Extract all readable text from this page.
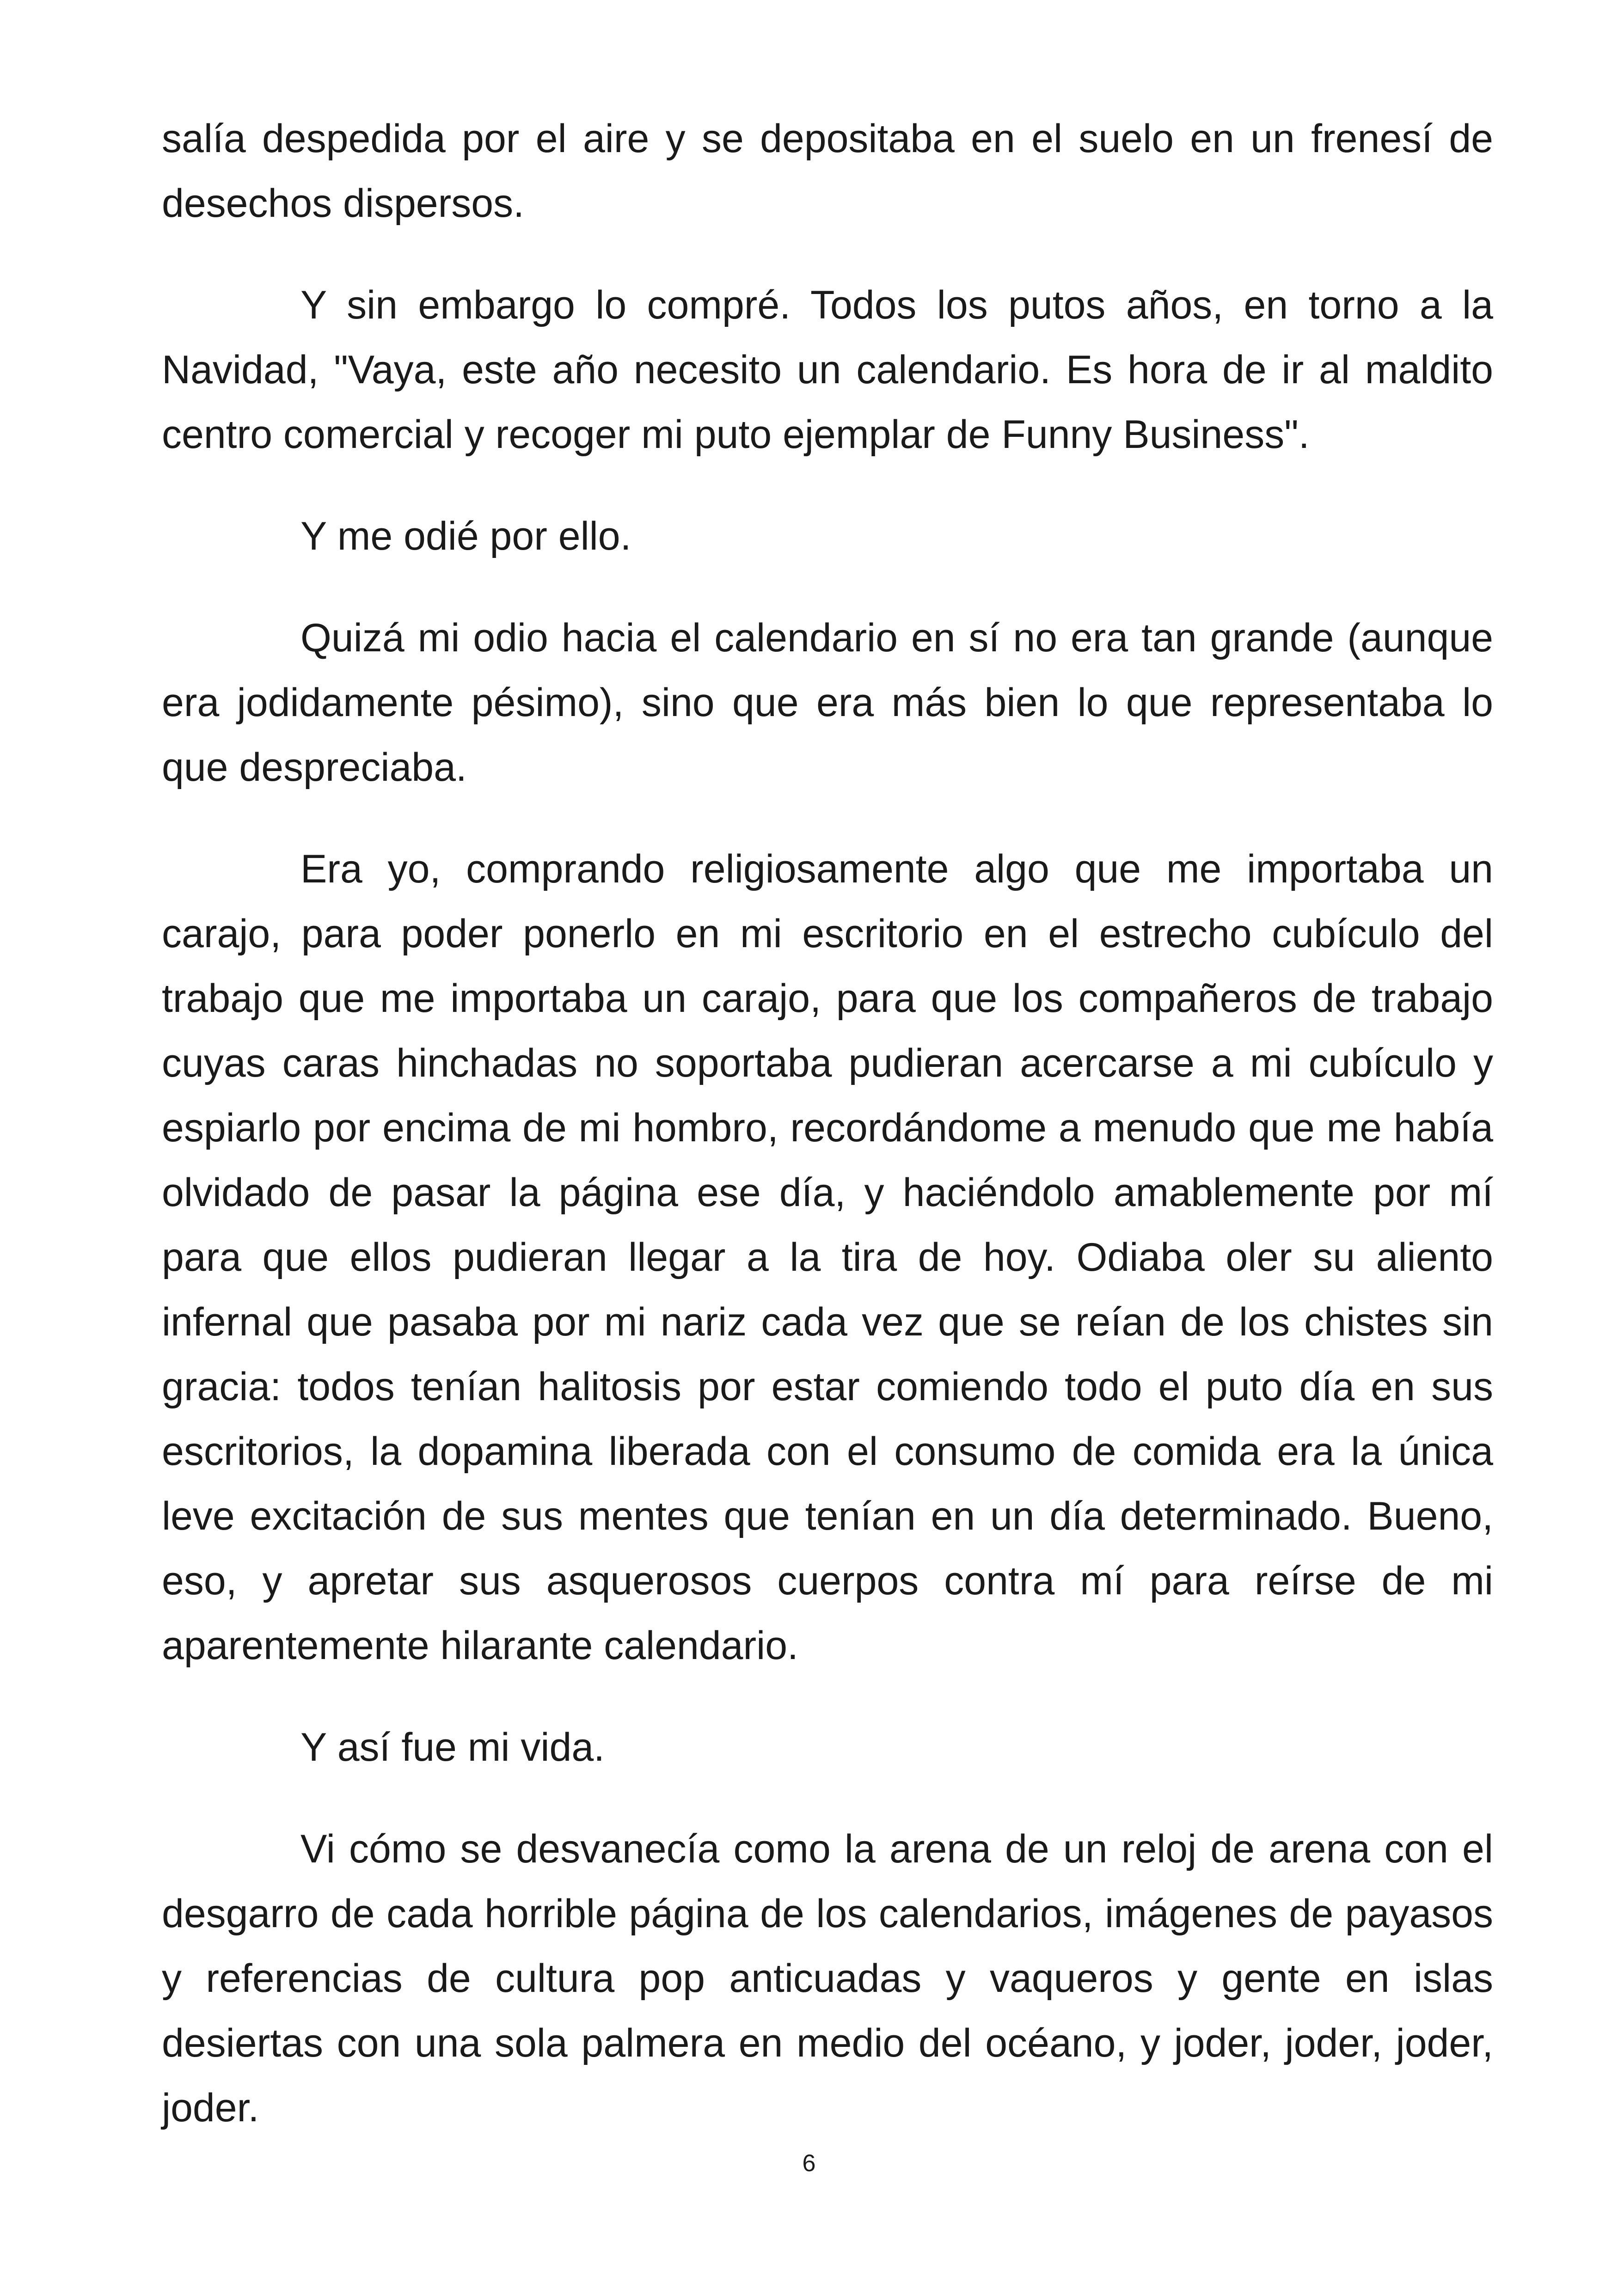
salía despedida por el aire y se depositaba en el suelo en un frenesí de desechos dispersos.

Y sin embargo lo compré. Todos los putos años, en torno a la Navidad, "Vaya, este año necesito un calendario. Es hora de ir al maldito centro comercial y recoger mi puto ejemplar de Funny Business".

Y me odié por ello.

Quizá mi odio hacia el calendario en sí no era tan grande (aunque era jodidamente pésimo), sino que era más bien lo que representaba lo que despreciaba.

Era yo, comprando religiosamente algo que me importaba un carajo, para poder ponerlo en mi escritorio en el estrecho cubículo del trabajo que me importaba un carajo, para que los compañeros de trabajo cuyas caras hinchadas no soportaba pudieran acercarse a mi cubículo y espiarlo por encima de mi hombro, recordándome a menudo que me había olvidado de pasar la página ese día, y haciéndolo amablemente por mí para que ellos pudieran llegar a la tira de hoy. Odiaba oler su aliento infernal que pasaba por mi nariz cada vez que se reían de los chistes sin gracia: todos tenían halitosis por estar comiendo todo el puto día en sus escritorios, la dopamina liberada con el consumo de comida era la única leve excitación de sus mentes que tenían en un día determinado. Bueno, eso, y apretar sus asquerosos cuerpos contra mí para reírse de mi aparentemente hilarante calendario.

Y así fue mi vida.

Vi cómo se desvanecía como la arena de un reloj de arena con el desgarro de cada horrible página de los calendarios, imágenes de payasos y referencias de cultura pop anticuadas y vaqueros y gente en islas desiertas con una sola palmera en medio del océano, y joder, joder, joder, joder.

6
